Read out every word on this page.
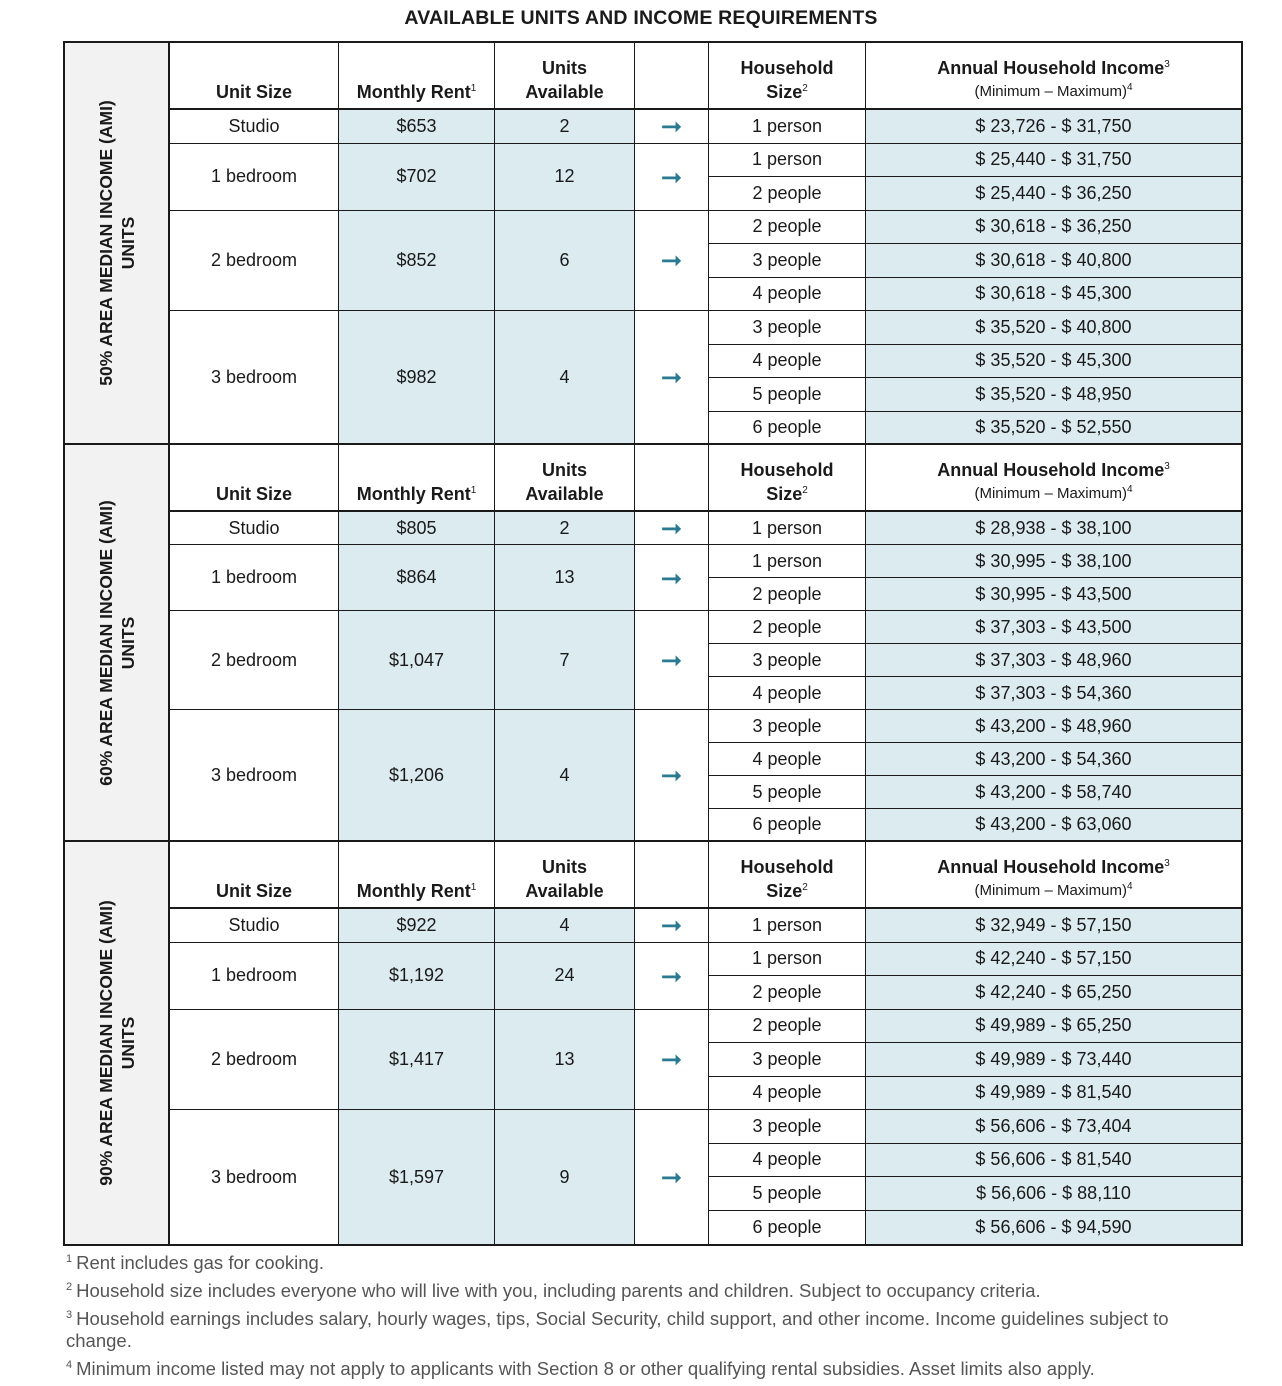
AVAILABLE UNITS AND INCOME REQUIREMENTS
50% AREA MEDIAN INCOME (AMI) UNITS
Unit Size	Monthly Rent$^1$
Units
Available
Household
Size$^2$
Annual Household Income$^3$
(Minimum – Maximum)$^4$
Studio	$653	2	➞	1 person	$ 23,726 - $ 31,750
1 bedroom	$702	12	➞
1 person	$ 25,440 - $ 31,750
2 people	$ 25,440 - $ 36,250
2 bedroom	$852	6	➞
2 people	$ 30,618 - $ 36,250
3 people	$ 30,618 - $ 40,800
4 people	$ 30,618 - $ 45,300
3 bedroom	$982	4	➞
3 people	$ 35,520 - $ 40,800
4 people	$ 35,520 - $ 45,300
5 people	$ 35,520 - $ 48,950
6 people	$ 35,520 - $ 52,550
60% AREA MEDIAN INCOME (AMI) UNITS
Unit Size	Monthly Rent$^1$
Units
Available
Household
Size$^2$
Annual Household Income$^3$
(Minimum – Maximum)$^4$
Studio	$805	2	➞	1 person	$ 28,938 - $ 38,100
1 bedroom	$864	13	➞
1 person	$ 30,995 - $ 38,100
2 people	$ 30,995 - $ 43,500
2 bedroom	$1,047	7	➞
2 people	$ 37,303 - $ 43,500
3 people	$ 37,303 - $ 48,960
4 people	$ 37,303 - $ 54,360
3 bedroom	$1,206	4	➞
3 people	$ 43,200 - $ 48,960
4 people	$ 43,200 - $ 54,360
5 people	$ 43,200 - $ 58,740
6 people	$ 43,200 - $ 63,060
90% AREA MEDIAN INCOME (AMI) UNITS
Unit Size	Monthly Rent$^1$
Units
Available
Household
Size$^2$
Annual Household Income$^3$
(Minimum – Maximum)$^4$
Studio	$922	4	➞	1 person	$ 32,949 - $ 57,150
1 bedroom	$1,192	24	➞
1 person	$ 42,240 - $ 57,150
2 people	$ 42,240 - $ 65,250
2 bedroom	$1,417	13	➞
2 people	$ 49,989 - $ 65,250
3 people	$ 49,989 - $ 73,440
4 people	$ 49,989 - $ 81,540
3 bedroom	$1,597	9	➞
3 people	$ 56,606 - $ 73,404
4 people	$ 56,606 - $ 81,540
5 people	$ 56,606 - $ 88,110
6 people	$ 56,606 - $ 94,590
$^1$ Rent includes gas for cooking.
$^2$ Household size includes everyone who will live with you, including parents and children. Subject to occupancy criteria.
$^3$ Household earnings includes salary, hourly wages, tips, Social Security, child support, and other income. Income guidelines subject to change.
$^4$ Minimum income listed may not apply to applicants with Section 8 or other qualifying rental subsidies. Asset limits also apply.
